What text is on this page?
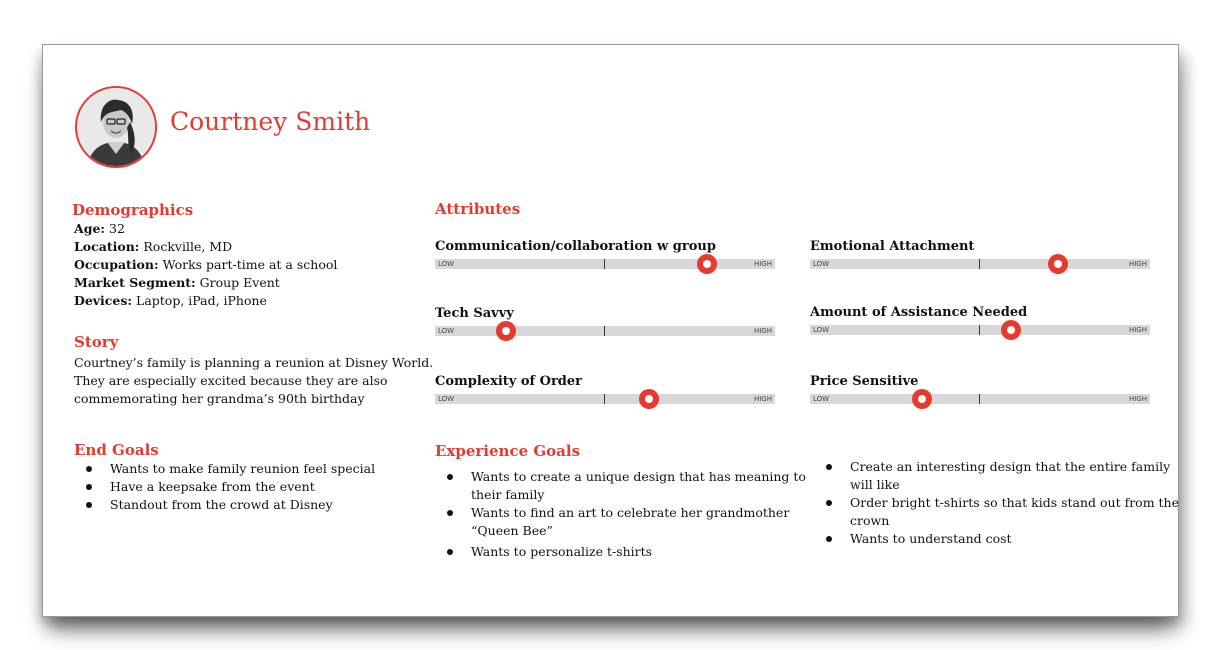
Courtney Smith
Demographics
Age: 32
Location: Rockville, MD
Occupation: Works part-time at a school
Market Segment: Group Event
Devices: Laptop, iPad, iPhone
Story
Courtney’s family is planning a reunion at Disney World.
They are especially excited because they are also
commemorating her grandma’s 90th birthday
End Goals
Wants to make family reunion feel special
Have a keepsake from the event
Standout from the crowd at Disney
Attributes
Communication/collaboration w group
LOW	HIGH
Tech Savvy
LOW	HIGH
Complexity of Order
LOW	HIGH
Emotional Attachment
LOW	HIGH
Amount of Assistance Needed
LOW	HIGH
Price Sensitive
LOW	HIGH
Experience Goals
Wants to create a unique design that has meaning to
their family
Wants to find an art to celebrate her grandmother
“Queen Bee”
Wants to personalize t-shirts
Create an interesting design that the entire family
will like
Order bright t-shirts so that kids stand out from the
crown
Wants to understand cost
